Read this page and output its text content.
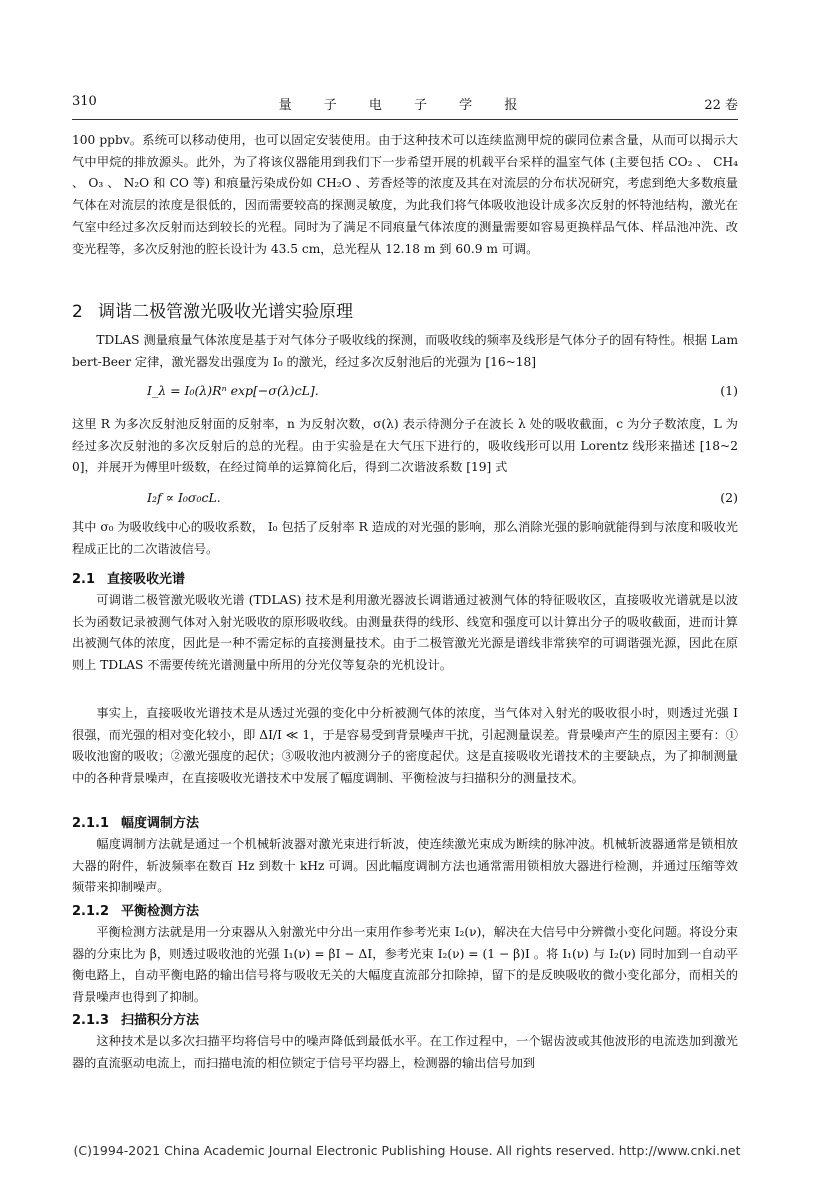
310	量 子 电 子 学 报	22 卷
100 ppbv。系统可以移动使用，也可以固定安装使用。由于这种技术可以连续监测甲烷的碳同位素含量，从而可以揭示大气中甲烷的排放源头。此外，为了将该仪器能用到我们下一步希望开展的机载平台采样的温室气体 (主要包括 CO₂ 、 CH₄ 、 O₃ 、 N₂O 和 CO 等) 和痕量污染成份如 CH₂O 、芳香烃等的浓度及其在对流层的分布状况研究，考虑到绝大多数痕量气体在对流层的浓度是很低的，因而需要较高的探测灵敏度，为此我们将气体吸收池设计成多次反射的怀特池结构，激光在气室中经过多次反射而达到较长的光程。同时为了满足不同痕量气体浓度的测量需要如容易更换样品气体、样品池冲洗、改变光程等，多次反射池的腔长设计为 43.5 cm，总光程从 12.18 m 到 60.9 m 可调。
2 调谐二极管激光吸收光谱实验原理
TDLAS 测量痕量气体浓度是基于对气体分子吸收线的探测，而吸收线的频率及线形是气体分子的固有特性。根据 Lambert-Beer 定律，激光器发出强度为 I₀ 的激光，经过多次反射池后的光强为 [16~18]
I_λ = I₀(λ)Rⁿ exp[−σ(λ)cL].	(1)
这里 R 为多次反射池反射面的反射率，n 为反射次数，σ(λ) 表示待测分子在波长 λ 处的吸收截面，c 为分子数浓度，L 为经过多次反射池的多次反射后的总的光程。由于实验是在大气压下进行的，吸收线形可以用 Lorentz 线形来描述 [18~20]，并展开为傅里叶级数，在经过简单的运算简化后，得到二次谐波系数 [19] 式
I₂f ∝ I₀σ₀cL.	(2)
其中 σ₀ 为吸收线中心的吸收系数， I₀ 包括了反射率 R 造成的对光强的影响，那么消除光强的影响就能得到与浓度和吸收光程成正比的二次谐波信号。
2.1 直接吸收光谱
可调谐二极管激光吸收光谱 (TDLAS) 技术是利用激光器波长调谐通过被测气体的特征吸收区，直接吸收光谱就是以波长为函数记录被测气体对入射光吸收的原形吸收线。由测量获得的线形、线宽和强度可以计算出分子的吸收截面，进而计算出被测气体的浓度，因此是一种不需定标的直接测量技术。由于二极管激光光源是谱线非常狭窄的可调谐强光源，因此在原则上 TDLAS 不需要传统光谱测量中所用的分光仪等复杂的光机设计。
事实上，直接吸收光谱技术是从透过光强的变化中分析被测气体的浓度，当气体对入射光的吸收很小时，则透过光强 I 很强，而光强的相对变化较小，即 ΔI/I ≪ 1，于是容易受到背景噪声干扰，引起测量误差。背景噪声产生的原因主要有：①吸收池窗的吸收；②激光强度的起伏；③吸收池内被测分子的密度起伏。这是直接吸收光谱技术的主要缺点，为了抑制测量中的各种背景噪声，在直接吸收光谱技术中发展了幅度调制、平衡检波与扫描积分的测量技术。
2.1.1 幅度调制方法
幅度调制方法就是通过一个机械斩波器对激光束进行斩波，使连续激光束成为断续的脉冲波。机械斩波器通常是锁相放大器的附件，斩波频率在数百 Hz 到数十 kHz 可调。因此幅度调制方法也通常需用锁相放大器进行检测，并通过压缩等效频带来抑制噪声。
2.1.2 平衡检测方法
平衡检测方法就是用一分束器从入射激光中分出一束用作参考光束 I₂(ν)，解决在大信号中分辨微小变化问题。将设分束器的分束比为 β，则透过吸收池的光强 I₁(ν) = βI − ΔI，参考光束 I₂(ν) = (1 − β)I 。将 I₁(ν) 与 I₂(ν) 同时加到一自动平衡电路上，自动平衡电路的输出信号将与吸收无关的大幅度直流部分扣除掉，留下的是反映吸收的微小变化部分，而相关的背景噪声也得到了抑制。
2.1.3 扫描积分方法
这种技术是以多次扫描平均将信号中的噪声降低到最低水平。在工作过程中，一个锯齿波或其他波形的电流迭加到激光器的直流驱动电流上，而扫描电流的相位锁定于信号平均器上，检测器的输出信号加到
(C)1994-2021 China Academic Journal Electronic Publishing House. All rights reserved. http://www.cnki.net
